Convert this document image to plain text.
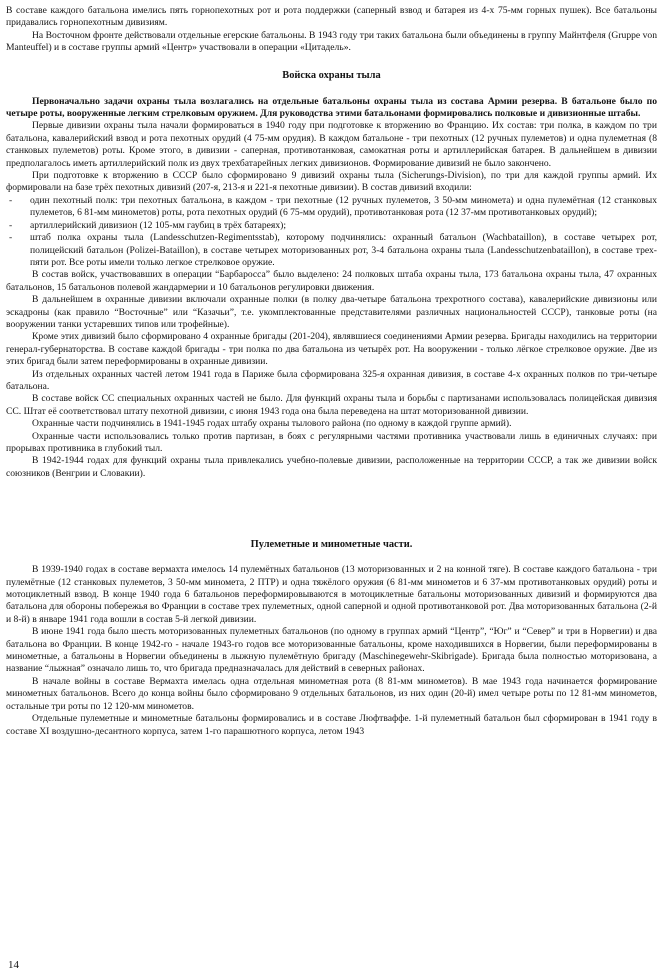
В составе каждого батальона имелись пять горнопехотных рот и рота поддержки (саперный взвод и батарея из 4-х 75-мм горных пушек). Все батальоны придавались горнопехотным дивизиям.

На Восточном фронте действовали отдельные егерские батальоны. В 1943 году три таких батальона были объединены в группу Майнтфеля (Gruppe von Manteuffel) и в составе группы армий «Центр» участвовали в операции «Цитадель».

Войска охраны тыла

Первоначально задачи охраны тыла возлагались на отдельные батальоны охраны тыла из состава Армии резерва. В батальоне было по четыре роты, вооруженные легким стрелковым оружием. Для руководства этими батальонами формировались полковые и дивизионные штабы.

Первые дивизии охраны тыла начали формироваться в 1940 году при подготовке к вторжению во Францию. Их состав: три полка, в каждом по три батальона, кавалерийский взвод и рота пехотных орудий (4 75-мм орудия). В каждом батальоне - три пехотных (12 ручных пулеметов) и одна пулеметная (8 станковых пулеметов) роты. Кроме этого, в дивизии - саперная, противотанковая, самокатная роты и артиллерийская батарея. В дальнейшем в дивизии предполагалось иметь артиллерийский полк из двух трехбатарейных легких дивизионов. Формирование дивизий не было закончено.

При подготовке к вторжению в СССР было сформировано 9 дивизий охраны тыла (Sicherungs-Division), по три для каждой группы армий. Их формировали на базе трёх пехотных дивизий (207-я, 213-я и 221-я пехотные дивизии). В состав дивизий входили:

- один пехотный полк: три пехотных батальона, в каждом - три пехотные (12 ручных пулеметов, 3 50-мм миномета) и одна пулемётная (12 станковых пулеметов, 6 81-мм минометов) роты, рота пехотных орудий (6 75-мм орудий), противотанковая рота (12 37-мм противотанковых орудий);
- артиллерийский дивизион (12 105-мм гаубиц в трёх батареях);
- штаб полка охраны тыла (Landesschutzen-Regimentsstab), которому подчинялись: охранный батальон (Wachbataillon), в составе четырех рот, полицейский батальон (Polizei-Bataillon), в составе четырех моторизованных рот, 3-4 батальона охраны тыла (Landesschutzenbataillon), в составе трех-пяти рот. Все роты имели только легкое стрелковое оружие.

В состав войск, участвовавших в операции “Барбаросса” было выделено: 24 полковых штаба охраны тыла, 173 батальона охраны тыла, 47 охранных батальонов, 15 батальонов полевой жандармерии и 10 батальонов регулировки движения.

В дальнейшем в охранные дивизии включали охранные полки (в полку два-четыре батальона трехротного состава), кавалерийские дивизионы или эскадроны (как правило “Восточные” или “Казачьи”, т.е. укомплектованные представителями различных национальностей СССР), танковые роты (на вооружении танки устаревших типов или трофейные).

Кроме этих дивизий было сформировано 4 охранные бригады (201-204), являвшиеся соединениями Армии резерва. Бригады находились на территории генерал-губернаторства. В составе каждой бригады - три полка по два батальона из четырёх рот. На вооружении - только лёгкое стрелковое оружие. Две из этих бригад были затем переформированы в охранные дивизии.

Из отдельных охранных частей летом 1941 года в Париже была сформирована 325-я охранная дивизия, в составе 4-х охранных полков по три-четыре батальона.

В составе войск СС специальных охранных частей не было. Для функций охраны тыла и борьбы с партизанами использовалась полицейская дивизия СС. Штат её соответствовал штату пехотной дивизии, с июня 1943 года она была переведена на штат моторизованной дивизии.

Охранные части подчинялись в 1941-1945 годах штабу охраны тылового района (по одному в каждой группе армий).

Охранные части использовались только против партизан, в боях с регулярными частями противника участвовали лишь в единичных случаях: при прорывах противника в глубокий тыл.

В 1942-1944 годах для функций охраны тыла привлекались учебно-полевые дивизии, расположенные на территории СССР, а так же дивизии войск союзников (Венгрии и Словакии).

Пулеметные и минометные части.

В 1939-1940 годах в составе вермахта имелось 14 пулемётных батальонов (13 моторизованных и 2 на конной тяге). В составе каждого батальона - три пулемётные (12 станковых пулеметов, 3 50-мм миномета, 2 ПТР) и одна тяжёлого оружия (6 81-мм минометов и 6 37-мм противотанковых орудий) роты и мотоциклетный взвод. В конце 1940 года 6 батальонов переформировываются в мотоциклетные батальоны моторизованных дивизий и формируются два батальона для обороны побережья во Франции в составе трех пулеметных, одной саперной и одной противотанковой рот. Два моторизованных батальона (2-й и 8-й) в январе 1941 года вошли в состав 5-й легкой дивизии.

В июне 1941 года было шесть моторизованных пулеметных батальонов (по одному в группах армий “Центр”, “Юг” и “Север” и три в Норвегии) и два батальона во Франции. В конце 1942-го - начале 1943-го годов все моторизованные батальоны, кроме находившихся в Норвегии, были переформированы в минометные, а батальоны в Норвегии объединены в лыжную пулемётную бригаду (Maschinegewehr-Skibrigade). Бригада была полностью моторизована, а название “лыжная” означало лишь то, что бригада предназначалась для действий в северных районах.

В начале войны в составе Вермахта имелась одна отдельная минометная рота (8 81-мм минометов). В мае 1943 года начинается формирование минометных батальонов. Всего до конца войны было сформировано 9 отдельных батальонов, из них один (20-й) имел четыре роты по 12 81-мм минометов, остальные три роты по 12 120-мм минометов.

Отдельные пулеметные и минометные батальоны формировались и в составе Люфтваффе. 1-й пулеметный батальон был сформирован в 1941 году в составе XI воздушно-десантного корпуса, затем 1-го парашютного корпуса, летом 1943

14
